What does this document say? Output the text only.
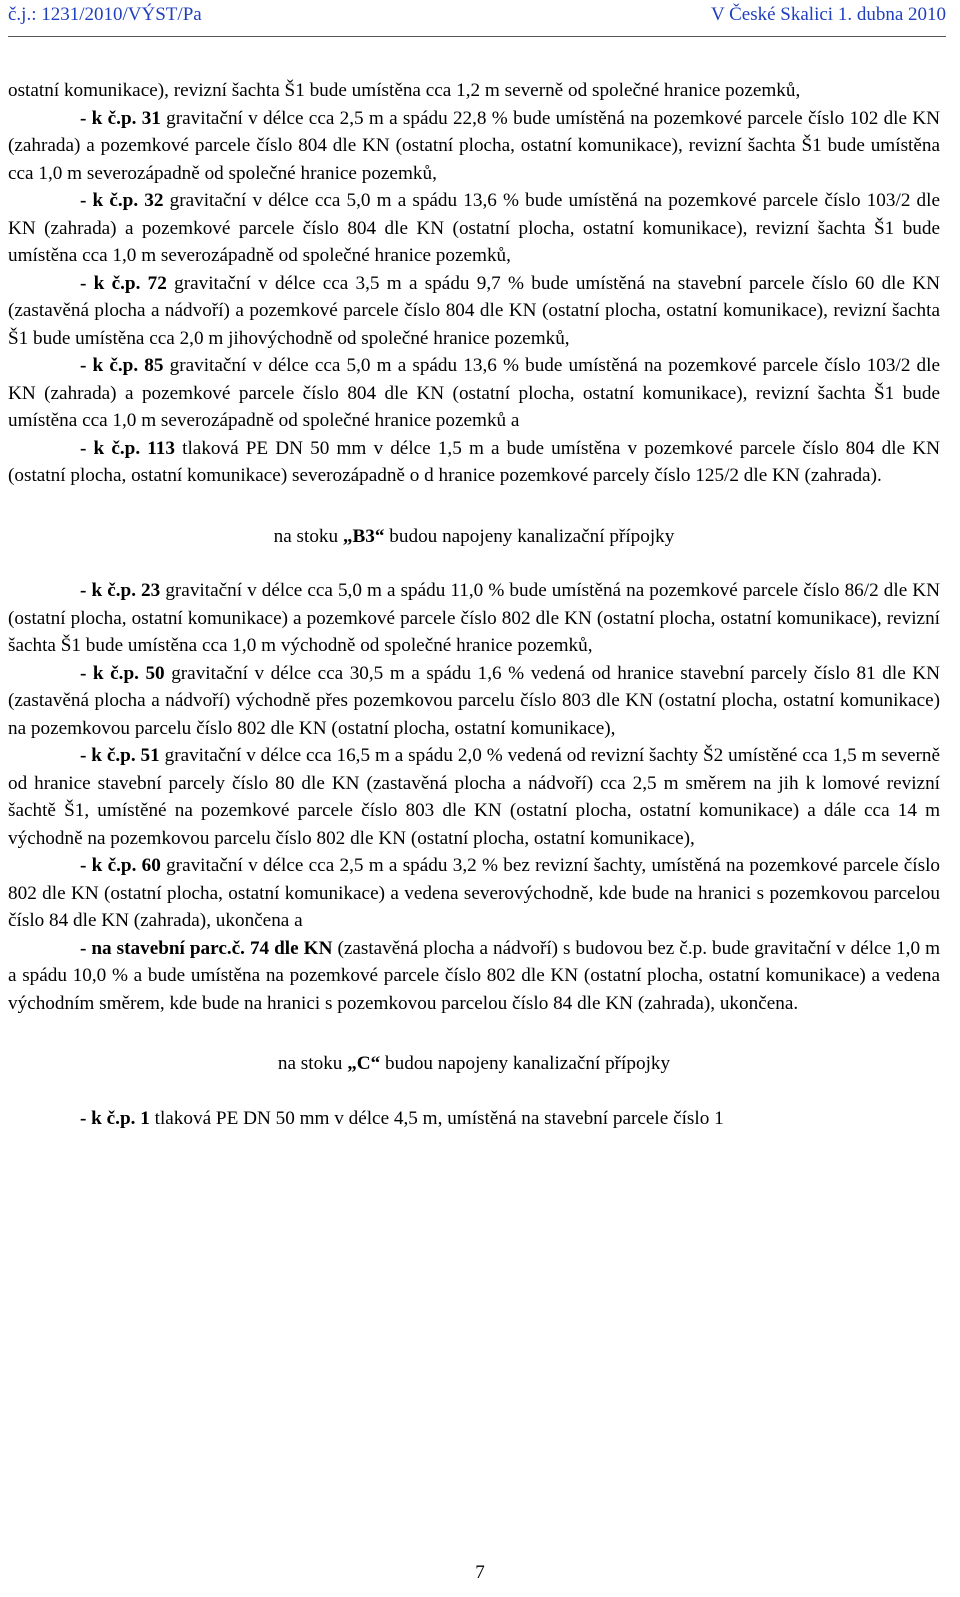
č.j.: 1231/2010/VÝST/Pa	V České Skalici 1. dubna 2010

ostatní komunikace), revizní šachta Š1 bude umístěna cca 1,2 m severně od společné hranice pozemků,

- k č.p. 31 gravitační v délce cca 2,5 m a spádu 22,8 % bude umístěná na pozemkové parcele číslo 102 dle KN (zahrada) a pozemkové parcele číslo 804 dle KN (ostatní plocha, ostatní komunikace), revizní šachta Š1 bude umístěna cca 1,0 m severozápadně od společné hranice pozemků,

- k č.p. 32 gravitační v délce cca 5,0 m a spádu 13,6 % bude umístěná na pozemkové parcele číslo 103/2 dle KN (zahrada) a pozemkové parcele číslo 804 dle KN (ostatní plocha, ostatní komunikace), revizní šachta Š1 bude umístěna cca 1,0 m severozápadně od společné hranice pozemků,

- k č.p. 72 gravitační v délce cca 3,5 m a spádu 9,7 % bude umístěná na stavební parcele číslo 60 dle KN (zastavěná plocha a nádvoří) a pozemkové parcele číslo 804 dle KN (ostatní plocha, ostatní komunikace), revizní šachta Š1 bude umístěna cca 2,0 m jihovýchodně od společné hranice pozemků,

- k č.p. 85 gravitační v délce cca 5,0 m a spádu 13,6 % bude umístěná na pozemkové parcele číslo 103/2 dle KN (zahrada) a pozemkové parcele číslo 804 dle KN (ostatní plocha, ostatní komunikace), revizní šachta Š1 bude umístěna cca 1,0 m severozápadně od společné hranice pozemků a

- k č.p. 113 tlaková PE DN 50 mm v délce 1,5 m a bude umístěna v pozemkové parcele číslo 804 dle KN (ostatní plocha, ostatní komunikace) severozápadně o d hranice pozemkové parcely číslo 125/2 dle KN (zahrada).

na stoku „B3“ budou napojeny kanalizační přípojky

- k č.p. 23 gravitační v délce cca 5,0 m a spádu 11,0 % bude umístěná na pozemkové parcele číslo 86/2 dle KN (ostatní plocha, ostatní komunikace) a pozemkové parcele číslo 802 dle KN (ostatní plocha, ostatní komunikace), revizní šachta Š1 bude umístěna cca 1,0 m východně od společné hranice pozemků,

- k č.p. 50 gravitační v délce cca 30,5 m a spádu 1,6 % vedená od hranice stavební parcely číslo 81 dle KN (zastavěná plocha a nádvoří) východně přes pozemkovou parcelu číslo 803 dle KN (ostatní plocha, ostatní komunikace) na pozemkovou parcelu číslo 802 dle KN (ostatní plocha, ostatní komunikace),

- k č.p. 51 gravitační v délce cca 16,5 m a spádu 2,0 % vedená od revizní šachty Š2 umístěné cca 1,5 m severně od hranice stavební parcely číslo 80 dle KN (zastavěná plocha a nádvoří) cca 2,5 m směrem na jih k lomové revizní šachtě Š1, umístěné na pozemkové parcele číslo 803 dle KN (ostatní plocha, ostatní komunikace) a dále cca 14 m východně na pozemkovou parcelu číslo 802 dle KN (ostatní plocha, ostatní komunikace),

- k č.p. 60 gravitační v délce cca 2,5 m a spádu 3,2 % bez revizní šachty, umístěná na pozemkové parcele číslo 802 dle KN (ostatní plocha, ostatní komunikace) a vedena severovýchodně, kde bude na hranici s pozemkovou parcelou číslo 84 dle KN (zahrada), ukončena a

- na stavební parc.č. 74 dle KN (zastavěná plocha a nádvoří) s budovou bez č.p. bude gravitační v délce 1,0 m a spádu 10,0 % a bude umístěna na pozemkové parcele číslo 802 dle KN (ostatní plocha, ostatní komunikace) a vedena východním směrem, kde bude na hranici s pozemkovou parcelou číslo 84 dle KN (zahrada), ukončena.

na stoku „C“ budou napojeny kanalizační přípojky

- k č.p. 1 tlaková PE DN 50 mm v délce 4,5 m, umístěná na stavební parcele číslo 1

7
